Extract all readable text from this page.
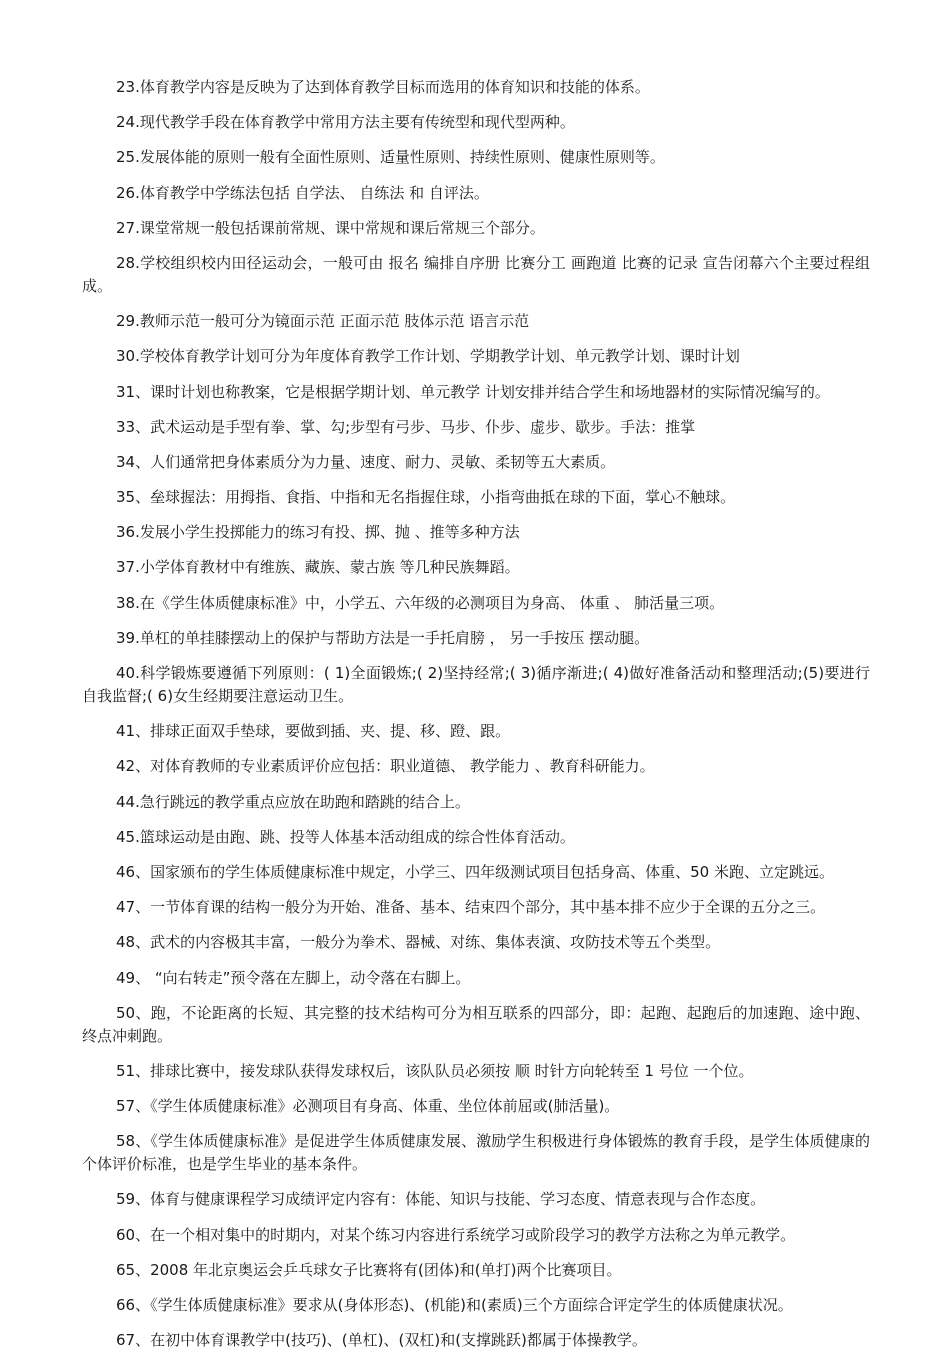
23.体育教学内容是反映为了达到体育教学目标而选用的体育知识和技能的体系。

24.现代教学手段在体育教学中常用方法主要有传统型和现代型两种。

25.发展体能的原则一般有全面性原则、适量性原则、持续性原则、健康性原则等。

26.体育教学中学练法包括 自学法、 自练法 和 自评法。

27.课堂常规一般包括课前常规、课中常规和课后常规三个部分。

28.学校组织校内田径运动会，一般可由 报名 编排自序册 比赛分工 画跑道 比赛的记录 宣告闭幕六个主要过程组成。

29.教师示范一般可分为镜面示范 正面示范 肢体示范 语言示范

30.学校体育教学计划可分为年度体育教学工作计划、学期教学计划、单元教学计划、课时计划

31、课时计划也称教案，它是根据学期计划、单元教学 计划安排并结合学生和场地器材的实际情况编写的。

33、武术运动是手型有拳、掌、勾;步型有弓步、马步、仆步、虚步、歇步。手法：推掌

34、人们通常把身体素质分为力量、速度、耐力、灵敏、柔韧等五大素质。

35、垒球握法：用拇指、食指、中指和无名指握住球，小指弯曲抵在球的下面，掌心不触球。

36.发展小学生投掷能力的练习有投、掷、抛 、推等多种方法

37.小学体育教材中有维族、藏族、蒙古族 等几种民族舞蹈。

38.在《学生体质健康标准》中，小学五、六年级的必测项目为身高、 体重 、 肺活量三项。

39.单杠的单挂膝摆动上的保护与帮助方法是一手托肩膀 ， 另一手按压 摆动腿。

40.科学锻炼要遵循下列原则：( 1)全面锻炼;( 2)坚持经常;( 3)循序渐进;( 4)做好准备活动和整理活动;(5)要进行自我监督;( 6)女生经期要注意运动卫生。

41、排球正面双手垫球，要做到插、夹、提、移、蹬、跟。

42、对体育教师的专业素质评价应包括：职业道德、 教学能力 、教育科研能力。

44.急行跳远的教学重点应放在助跑和踏跳的结合上。

45.篮球运动是由跑、跳、投等人体基本活动组成的综合性体育活动。

46、国家颁布的学生体质健康标准中规定，小学三、四年级测试项目包括身高、体重、50 米跑、立定跳远。

47、一节体育课的结构一般分为开始、准备、基本、结束四个部分，其中基本排不应少于全课的五分之三。

48、武术的内容极其丰富，一般分为拳术、器械、对练、集体表演、攻防技术等五个类型。

49、 “向右转走”预令落在左脚上，动令落在右脚上。

50、跑，不论距离的长短、其完整的技术结构可分为相互联系的四部分，即：起跑、起跑后的加速跑、途中跑、终点冲刺跑。

51、排球比赛中，接发球队获得发球权后，该队队员必须按 顺 时针方向轮转至 1 号位 一个位。

57、《学生体质健康标准》必测项目有身高、体重、坐位体前屈或(肺活量)。

58、《学生体质健康标准》是促进学生体质健康发展、激励学生积极进行身体锻炼的教育手段，是学生体质健康的个体评价标准，也是学生毕业的基本条件。

59、体育与健康课程学习成绩评定内容有：体能、知识与技能、学习态度、情意表现与合作态度。

60、在一个相对集中的时期内，对某个练习内容进行系统学习或阶段学习的教学方法称之为单元教学。

65、2008 年北京奥运会乒乓球女子比赛将有(团体)和(单打)两个比赛项目。

66、《学生体质健康标准》要求从(身体形态)、(机能)和(素质)三个方面综合评定学生的体质健康状况。

67、在初中体育课教学中(技巧)、(单杠)、(双杠)和(支撑跳跃)都属于体操教学。
